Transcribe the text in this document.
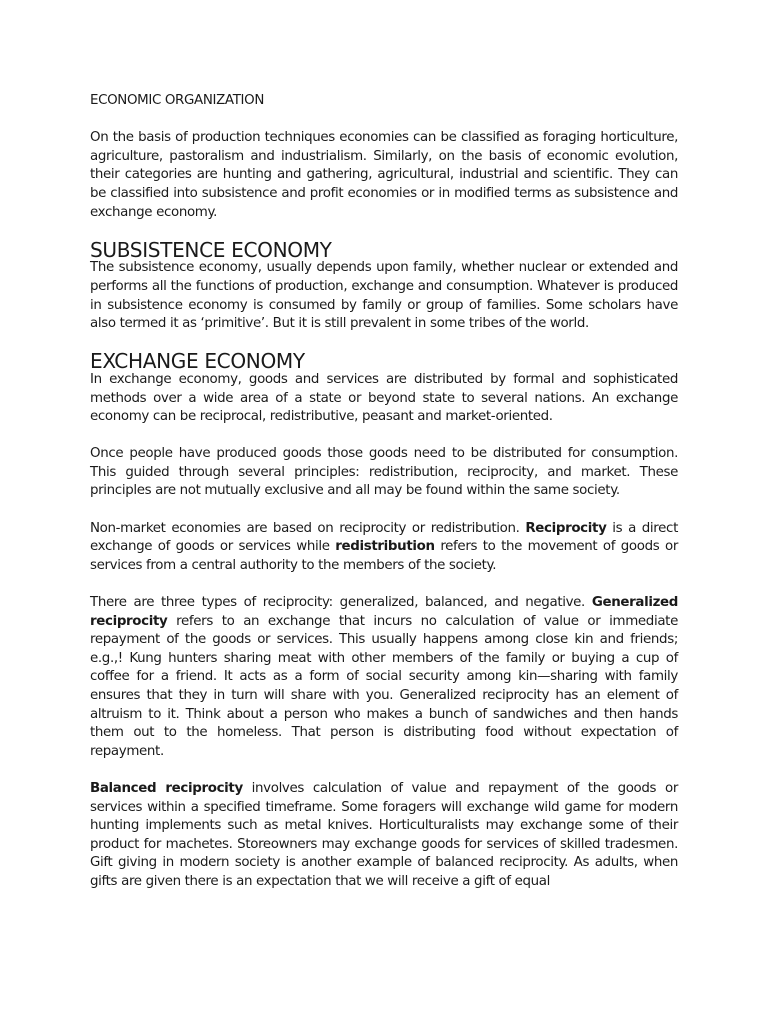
ECONOMIC ORGANIZATION

On the basis of production techniques economies can be classified as foraging horticulture, agriculture, pastoralism and industrialism. Similarly, on the basis of economic evolution, their categories are hunting and gathering, agricultural, industrial and scientific. They can be classified into subsistence and profit economies or in modified terms as subsistence and exchange economy.

SUBSISTENCE ECONOMY

The subsistence economy, usually depends upon family, whether nuclear or extended and performs all the functions of production, exchange and consumption. Whatever is produced in subsistence economy is consumed by family or group of families. Some scholars have also termed it as ‘primitive’. But it is still prevalent in some tribes of the world.

EXCHANGE ECONOMY

In exchange economy, goods and services are distributed by formal and sophisticated methods over a wide area of a state or beyond state to several nations. An exchange economy can be reciprocal, redistributive, peasant and market-oriented.

Once people have produced goods those goods need to be distributed for consumption. This guided through several principles: redistribution, reciprocity, and market. These principles are not mutually exclusive and all may be found within the same society.

Non-market economies are based on reciprocity or redistribution. Reciprocity is a direct exchange of goods or services while redistribution refers to the movement of goods or services from a central authority to the members of the society.

There are three types of reciprocity: generalized, balanced, and negative. Generalized reciprocity refers to an exchange that incurs no calculation of value or immediate repayment of the goods or services. This usually happens among close kin and friends; e.g.,! Kung hunters sharing meat with other members of the family or buying a cup of coffee for a friend. It acts as a form of social security among kin—sharing with family ensures that they in turn will share with you. Generalized reciprocity has an element of altruism to it. Think about a person who makes a bunch of sandwiches and then hands them out to the homeless. That person is distributing food without expectation of repayment.

Balanced reciprocity involves calculation of value and repayment of the goods or services within a specified timeframe. Some foragers will exchange wild game for modern hunting implements such as metal knives. Horticulturalists may exchange some of their product for machetes. Storeowners may exchange goods for services of skilled tradesmen. Gift giving in modern society is another example of balanced reciprocity. As adults, when gifts are given there is an expectation that we will receive a gift of equal
